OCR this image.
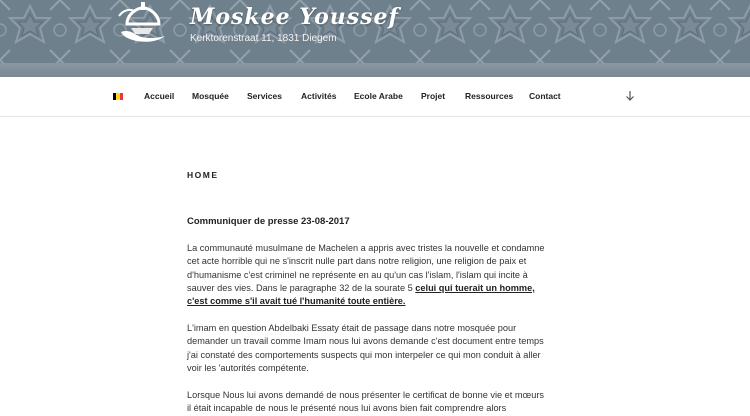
Moskee Youssef
Kerktorenstraat 11, 1831 Diegem
Accueil Mosquée Services Activités Ecole Arabe Projet Ressources Contact
HOME
Communiquer de presse 23-08-2017

La communauté musulmane de Machelen a appris avec tristes la nouvelle et condamne cet acte horrible qui ne s'inscrit nulle part dans notre religion, une religion de paix et d'humanisme c'est criminel ne représente en au qu'un cas l'islam, l'islam qui incite à sauver des vies. Dans le paragraphe 32 de la sourate 5 celui qui tuerait un homme, c'est comme s'il avait tué l'humanité toute entière.

L'imam en question Abdelbaki Essaty était de passage dans notre mosquée pour demander un travail comme Imam nous lui avons demande c'est document entre temps j'ai constaté des comportements suspects qui mon interpeler ce qui mon conduit à aller voir les 'autorités compétente.

Lorsque Nous lui avons demandé de nous présenter le certificat de bonne vie et mœurs il était incapable de nous le présenté nous lui avons bien fait comprendre alors
